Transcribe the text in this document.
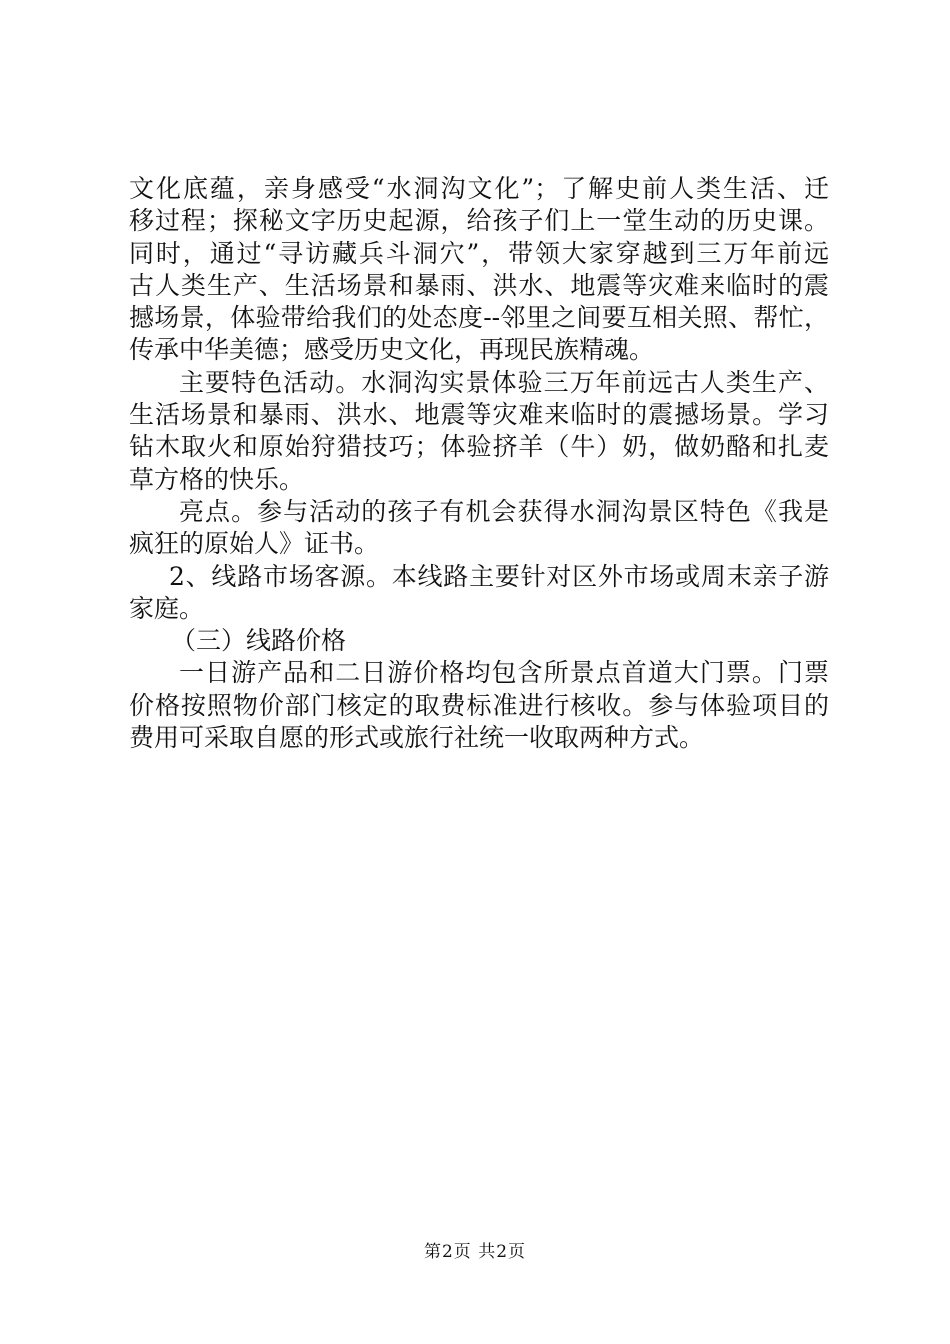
文化底蕴，亲身感受“水洞沟文化”；了解史前人类生活、迁
移过程；探秘文字历史起源，给孩子们上一堂生动的历史课。
同时，通过“寻访藏兵斗洞穴”，带领大家穿越到三万年前远
古人类生产、生活场景和暴雨、洪水、地震等灾难来临时的震
撼场景，体验带给我们的处态度--邻里之间要互相关照、帮忙，
传承中华美德；感受历史文化，再现民族精魂。
主要特色活动。水洞沟实景体验三万年前远古人类生产、
生活场景和暴雨、洪水、地震等灾难来临时的震撼场景。学习
钻木取火和原始狩猎技巧；体验挤羊（牛）奶，做奶酪和扎麦
草方格的快乐。
亮点。参与活动的孩子有机会获得水洞沟景区特色《我是
疯狂的原始人》证书。
2、线路市场客源。本线路主要针对区外市场或周末亲子游
家庭。
（三）线路价格
一日游产品和二日游价格均包含所景点首道大门票。门票
价格按照物价部门核定的取费标准进行核收。参与体验项目的
费用可采取自愿的形式或旅行社统一收取两种方式。
第2页 共2页
